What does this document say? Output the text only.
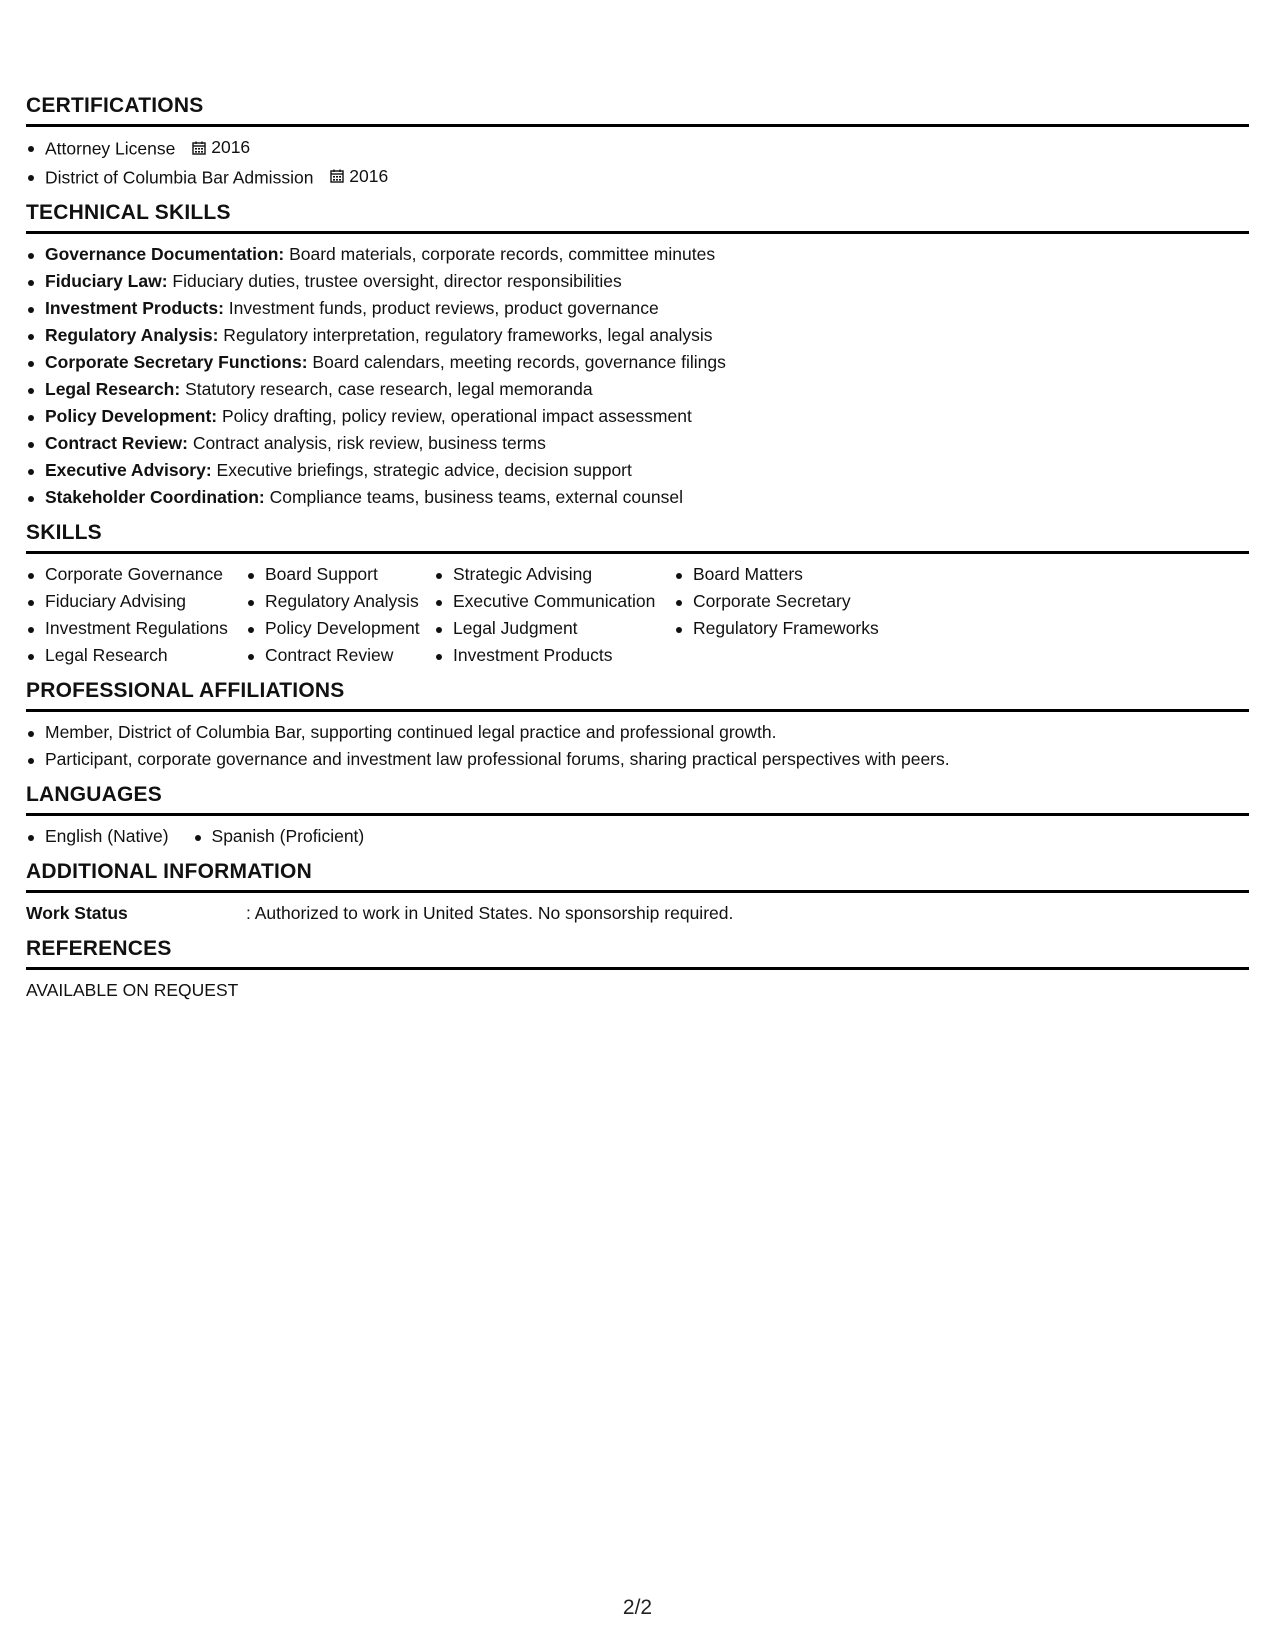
CERTIFICATIONS
Attorney License 2016
District of Columbia Bar Admission 2016
TECHNICAL SKILLS
Governance Documentation: Board materials, corporate records, committee minutes
Fiduciary Law: Fiduciary duties, trustee oversight, director responsibilities
Investment Products: Investment funds, product reviews, product governance
Regulatory Analysis: Regulatory interpretation, regulatory frameworks, legal analysis
Corporate Secretary Functions: Board calendars, meeting records, governance filings
Legal Research: Statutory research, case research, legal memoranda
Policy Development: Policy drafting, policy review, operational impact assessment
Contract Review: Contract analysis, risk review, business terms
Executive Advisory: Executive briefings, strategic advice, decision support
Stakeholder Coordination: Compliance teams, business teams, external counsel
SKILLS
Corporate Governance
Fiduciary Advising
Investment Regulations
Legal Research
Board Support
Regulatory Analysis
Policy Development
Contract Review
Strategic Advising
Executive Communication
Legal Judgment
Investment Products
Board Matters
Corporate Secretary
Regulatory Frameworks
PROFESSIONAL AFFILIATIONS
Member, District of Columbia Bar, supporting continued legal practice and professional growth.
Participant, corporate governance and investment law professional forums, sharing practical perspectives with peers.
LANGUAGES
English (Native)	Spanish (Proficient)
ADDITIONAL INFORMATION
Work Status	: Authorized to work in United States. No sponsorship required.
REFERENCES
AVAILABLE ON REQUEST
2/2
